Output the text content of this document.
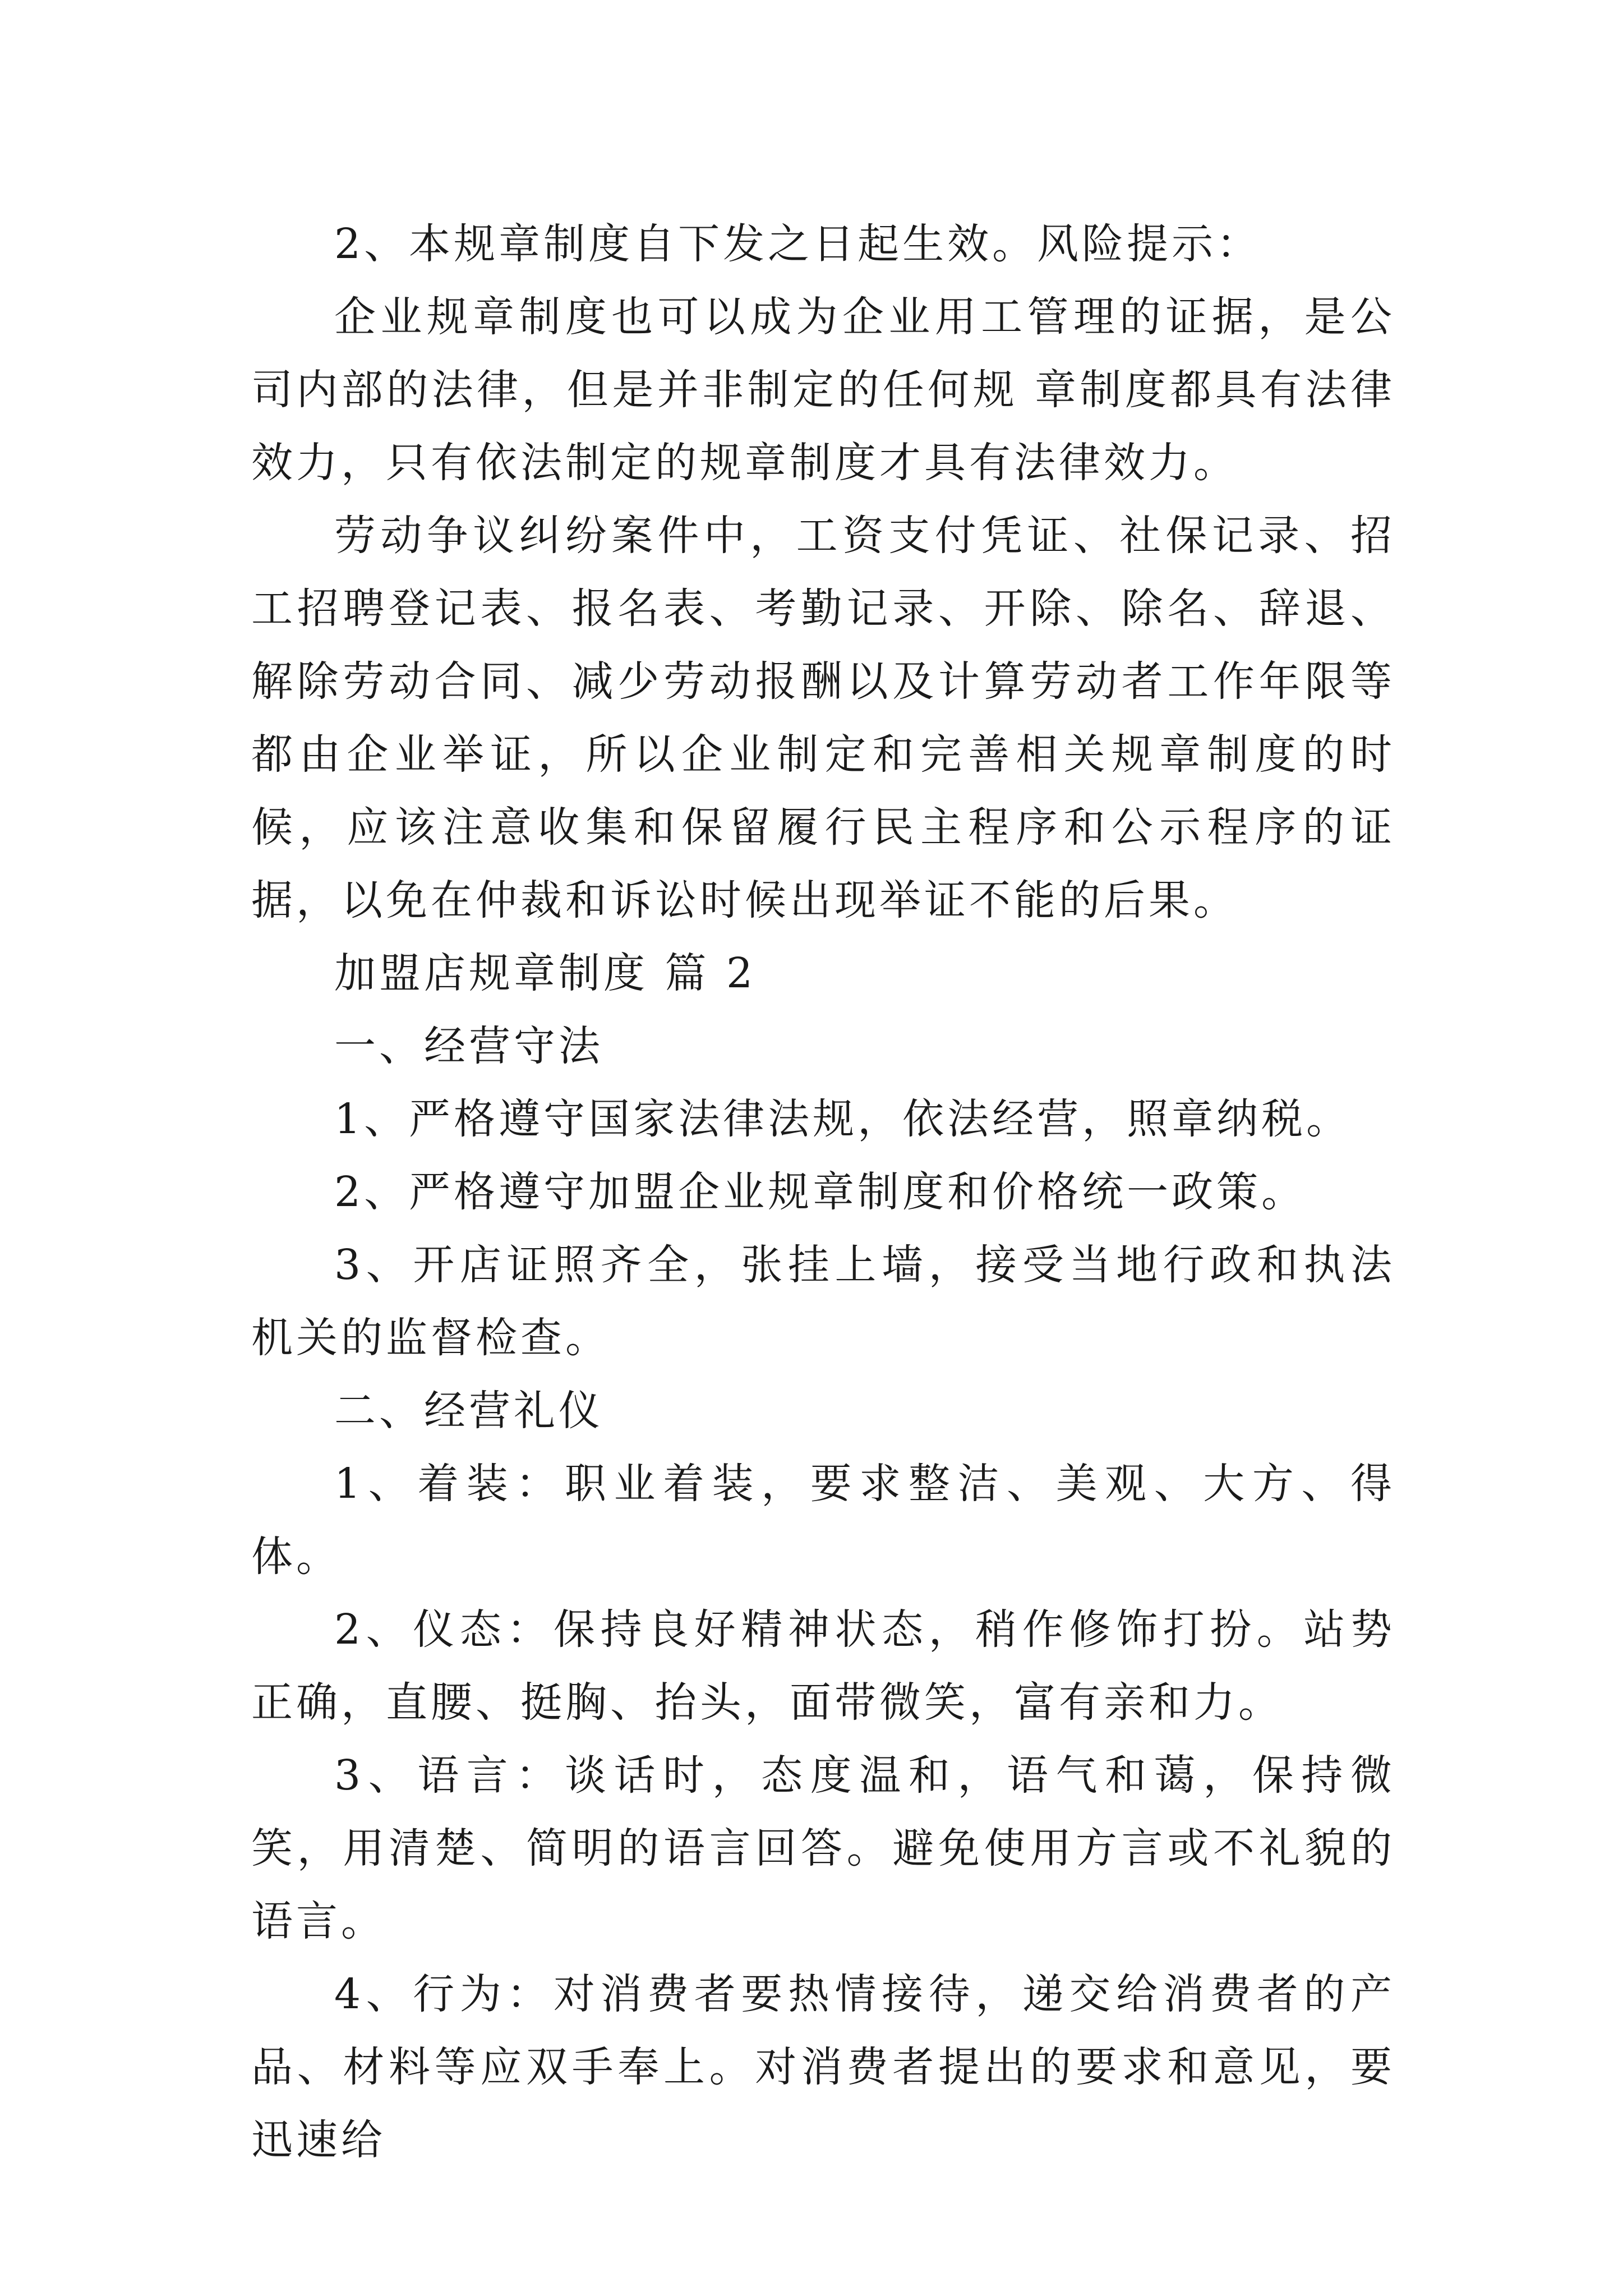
2、本规章制度自下发之日起生效。风险提示：

企业规章制度也可以成为企业用工管理的证据，是公司内部的法律，但是并非制定的任何规 章制度都具有法律效力，只有依法制定的规章制度才具有法律效力。

劳动争议纠纷案件中，工资支付凭证、社保记录、招工招聘登记表、报名表、考勤记录、开除、除名、辞退、解除劳动合同、减少劳动报酬以及计算劳动者工作年限等都由企业举证，所以企业制定和完善相关规章制度的时候，应该注意收集和保留履行民主程序和公示程序的证据，以免在仲裁和诉讼时候出现举证不能的后果。

加盟店规章制度 篇 2

一、经营守法

1、严格遵守国家法律法规，依法经营，照章纳税。

2、严格遵守加盟企业规章制度和价格统一政策。

3、开店证照齐全，张挂上墙，接受当地行政和执法机关的监督检查。

二、经营礼仪

1、着装：职业着装，要求整洁、美观、大方、得体。

2、仪态：保持良好精神状态，稍作修饰打扮。站势正确，直腰、挺胸、抬头，面带微笑，富有亲和力。

3、语言：谈话时，态度温和，语气和蔼，保持微笑，用清楚、简明的语言回答。避免使用方言或不礼貌的语言。

4、行为：对消费者要热情接待，递交给消费者的产品、材料等应双手奉上。对消费者提出的要求和意见，要迅速给
